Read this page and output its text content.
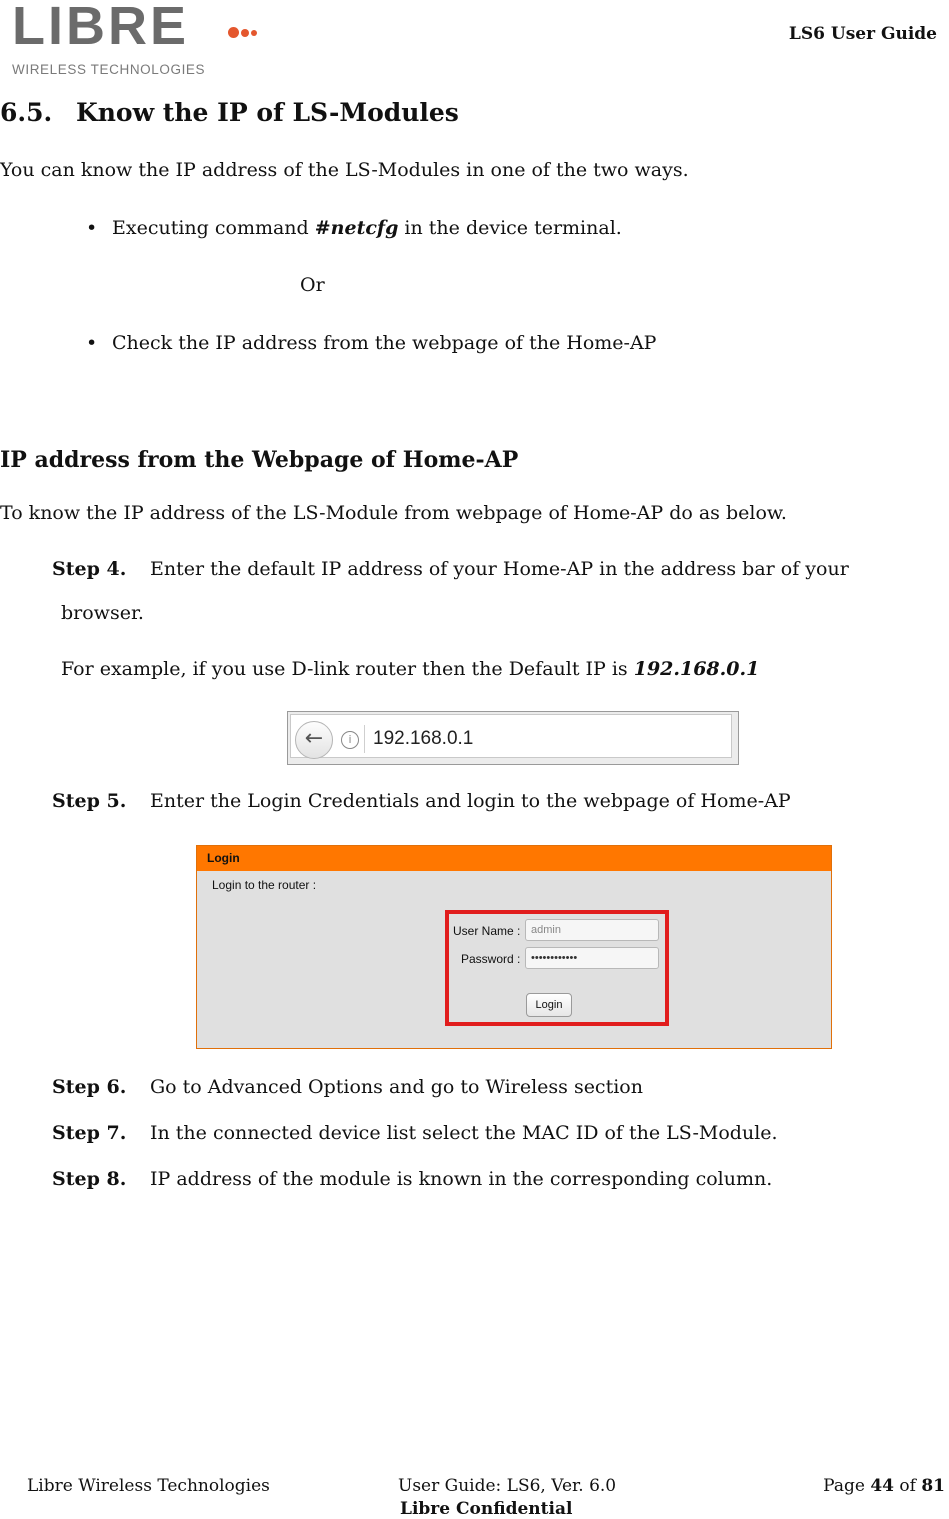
LIBRE
WIRELESS TECHNOLOGIES
LS6 User Guide
6.5. Know the IP of LS-Modules
You can know the IP address of the LS-Modules in one of the two ways.
• Executing command #netcfg in the device terminal.
Or
• Check the IP address from the webpage of the Home-AP
IP address from the Webpage of Home-AP
To know the IP address of the LS-Module from webpage of Home-AP do as below.
Step 4. Enter the default IP address of your Home-AP in the address bar of your
browser.
For example, if you use D-link router then the Default IP is 192.168.0.1
←	i	192.168.0.1
Step 5. Enter the Login Credentials and login to the webpage of Home-AP
Login
Login to the router :
User Name : admin
Password : ••••••••••••
Login
Step 6. Go to Advanced Options and go to Wireless section
Step 7. In the connected device list select the MAC ID of the LS-Module.
Step 8. IP address of the module is known in the corresponding column.
Libre Wireless Technologies	User Guide: LS6, Ver. 6.0	Page 44 of 81
Libre Confidential
